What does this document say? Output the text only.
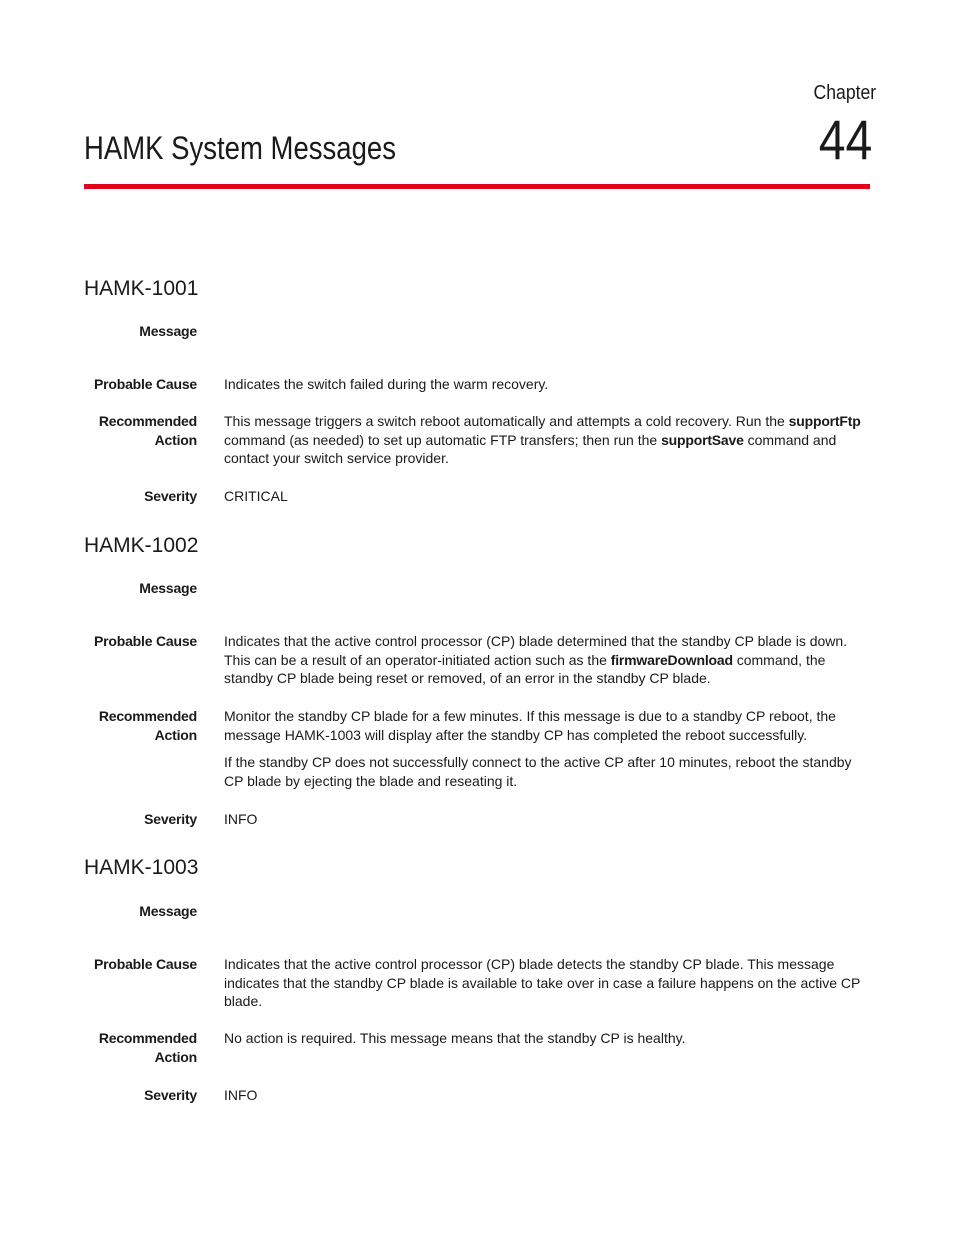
Chapter
44
HAMK System Messages
HAMK-1001
Message
Probable Cause Indicates the switch failed during the warm recovery.
Recommended
Action

This message triggers a switch reboot automatically and attempts a cold recovery. Run the supportFtp command (as needed) to set up automatic FTP transfers; then run the supportSave command and contact your switch service provider.

Severity CRITICAL
HAMK-1002
Message
Probable Cause Indicates that the active control processor (CP) blade determined that the standby CP blade is down. This can be a result of an operator-initiated action such as the firmwareDownload command, the standby CP blade being reset or removed, of an error in the standby CP blade.

Recommended
Action

Monitor the standby CP blade for a few minutes. If this message is due to a standby CP reboot, the message HAMK-1003 will display after the standby CP has completed the reboot successfully.

If the standby CP does not successfully connect to the active CP after 10 minutes, reboot the standby CP blade by ejecting the blade and reseating it.

Severity INFO
HAMK-1003
Message
Probable Cause Indicates that the active control processor (CP) blade detects the standby CP blade. This message indicates that the standby CP blade is available to take over in case a failure happens on the active CP blade.
Recommended
Action
No action is required. This message means that the standby CP is healthy.
Severity INFO
